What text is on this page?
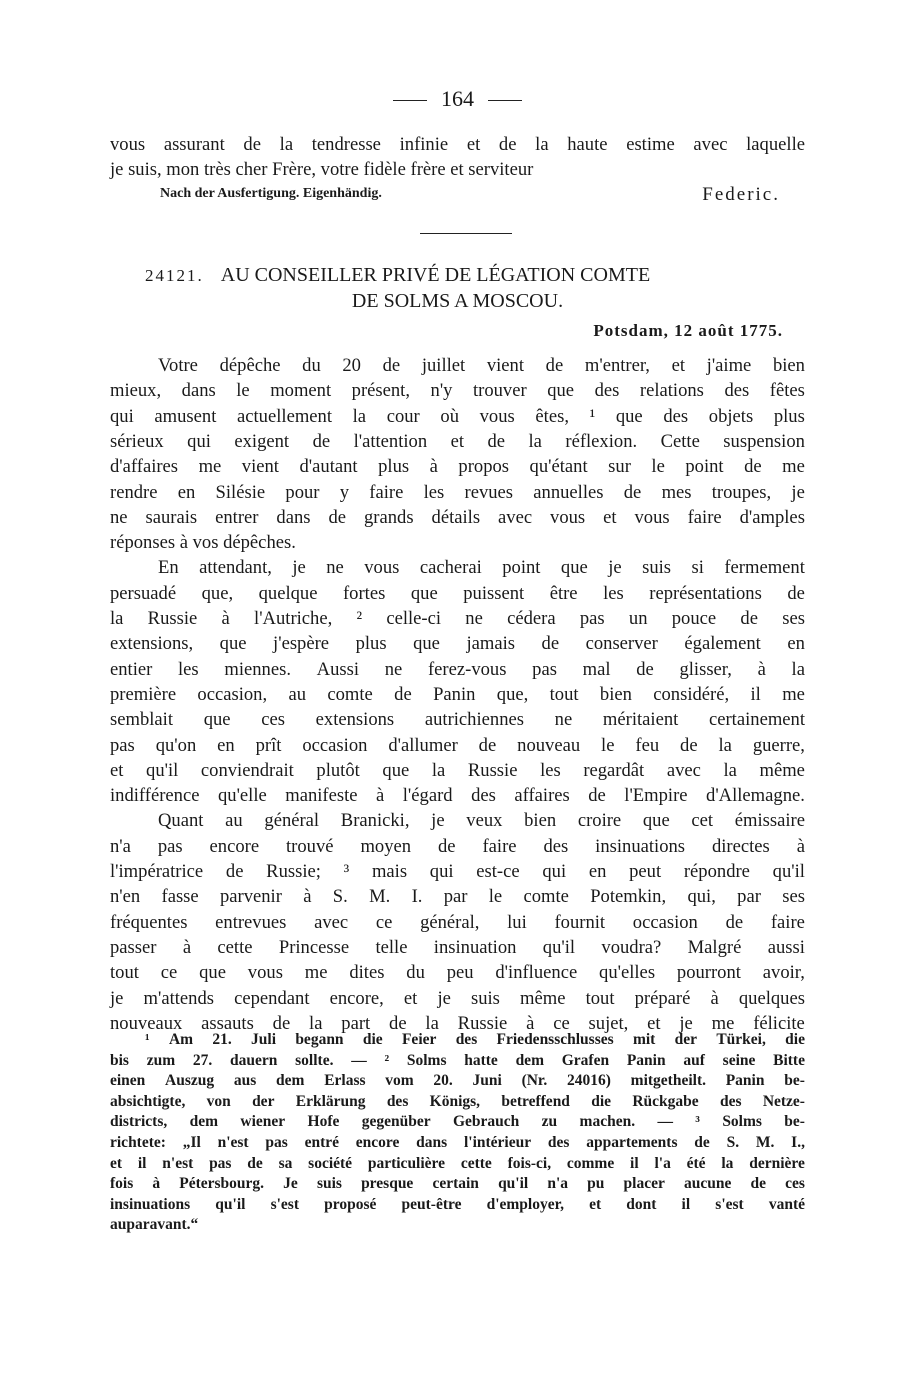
164
vous assurant de la tendresse infinie et de la haute estime avec laquelle
je suis, mon très cher Frère, votre fidèle frère et serviteur
Nach der Ausfertigung. Eigenhändig.	Federic.
24121. AU CONSEILLER PRIVÉ DE LÉGATION COMTE
DE SOLMS A MOSCOU.
Potsdam, 12 août 1775.
Votre dépêche du 20 de juillet vient de m'entrer, et j'aime bien
mieux, dans le moment présent, n'y trouver que des relations des fêtes
qui amusent actuellement la cour où vous êtes, ¹ que des objets plus
sérieux qui exigent de l'attention et de la réflexion. Cette suspension
d'affaires me vient d'autant plus à propos qu'étant sur le point de me
rendre en Silésie pour y faire les revues annuelles de mes troupes, je
ne saurais entrer dans de grands détails avec vous et vous faire d'amples
réponses à vos dépêches.
En attendant, je ne vous cacherai point que je suis si fermement
persuadé que, quelque fortes que puissent être les représentations de
la Russie à l'Autriche, ² celle-ci ne cédera pas un pouce de ses
extensions, que j'espère plus que jamais de conserver également en
entier les miennes. Aussi ne ferez-vous pas mal de glisser, à la
première occasion, au comte de Panin que, tout bien considéré, il me
semblait que ces extensions autrichiennes ne méritaient certainement
pas qu'on en prît occasion d'allumer de nouveau le feu de la guerre,
et qu'il conviendrait plutôt que la Russie les regardât avec la même
indifférence qu'elle manifeste à l'égard des affaires de l'Empire d'Allemagne.
Quant au général Branicki, je veux bien croire que cet émissaire
n'a pas encore trouvé moyen de faire des insinuations directes à
l'impératrice de Russie; ³ mais qui est-ce qui en peut répondre qu'il
n'en fasse parvenir à S. M. I. par le comte Potemkin, qui, par ses
fréquentes entrevues avec ce général, lui fournit occasion de faire
passer à cette Princesse telle insinuation qu'il voudra? Malgré aussi
tout ce que vous me dites du peu d'influence qu'elles pourront avoir,
je m'attends cependant encore, et je suis même tout préparé à quelques
nouveaux assauts de la part de la Russie à ce sujet, et je me félicite
¹ Am 21. Juli begann die Feier des Friedensschlusses mit der Türkei, die
bis zum 27. dauern sollte. — ² Solms hatte dem Grafen Panin auf seine Bitte
einen Auszug aus dem Erlass vom 20. Juni (Nr. 24016) mitgetheilt. Panin be-
absichtigte, von der Erklärung des Königs, betreffend die Rückgabe des Netze-
districts, dem wiener Hofe gegenüber Gebrauch zu machen. — ³ Solms be-
richtete: „Il n'est pas entré encore dans l'intérieur des appartements de S. M. I.,
et il n'est pas de sa société particulière cette fois-ci, comme il l'a été la dernière
fois à Pétersbourg. Je suis presque certain qu'il n'a pu placer aucune de ces
insinuations qu'il s'est proposé peut-être d'employer, et dont il s'est vanté
auparavant.“
